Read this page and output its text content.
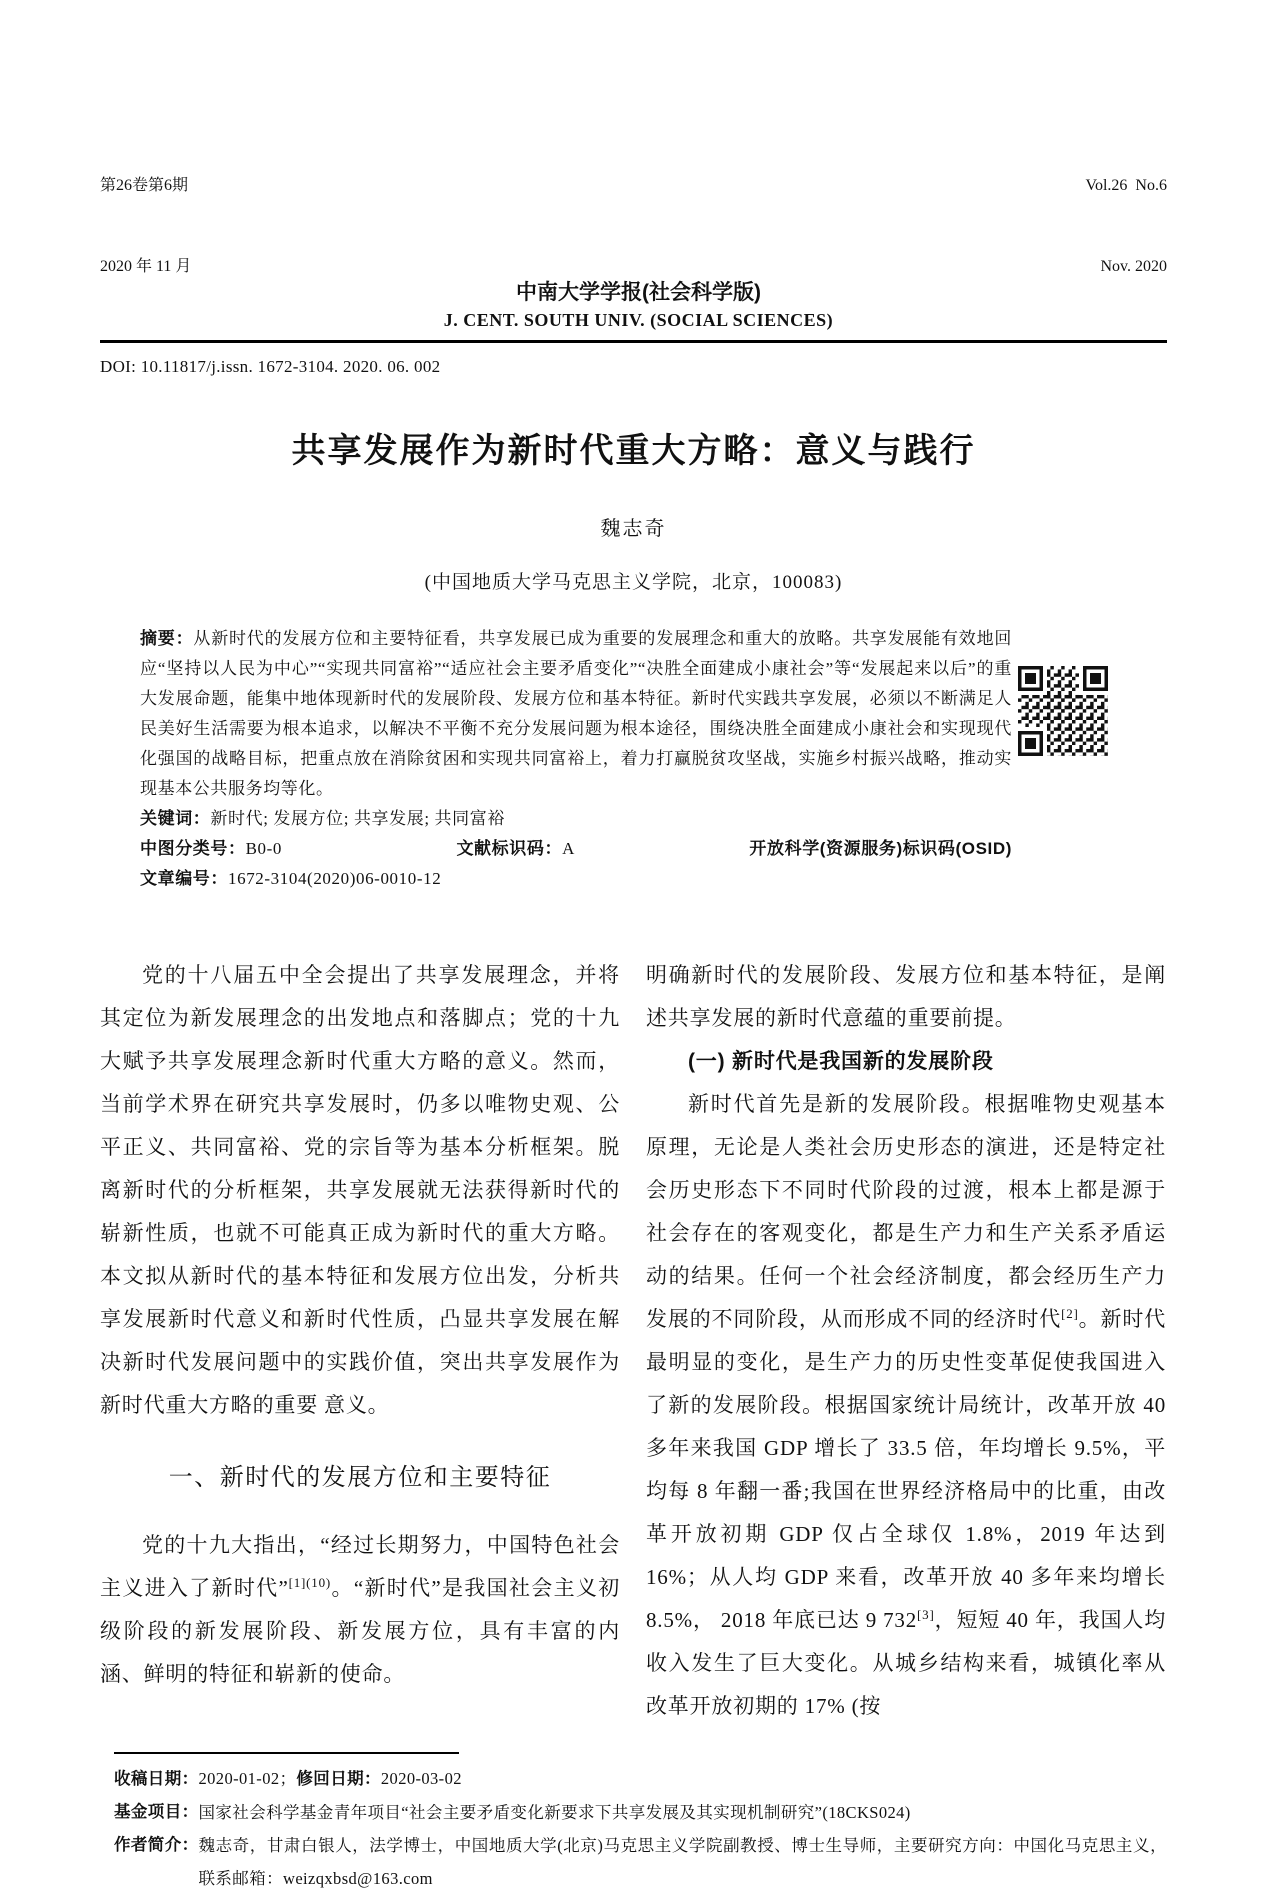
第26卷第6期

2020 年 11 月

中南大学学报(社会科学版)
J. CENT. SOUTH UNIV. (SOCIAL SCIENCES)

Vol.26  No.6

Nov. 2020

DOI: 10.11817/j.issn. 1672-3104. 2020. 06. 002
共享发展作为新时代重大方略：意义与践行
魏志奇
(中国地质大学马克思主义学院，北京，100083)

摘要：从新时代的发展方位和主要特征看，共享发展已成为重要的发展理念和重大的放略。共享发展能有效地回应“坚持以人民为中心”“实现共同富裕”“适应社会主要矛盾变化”“决胜全面建成小康社会”等“发展起来以后”的重大发展命题，能集中地体现新时代的发展阶段、发展方位和基本特征。新时代实践共享发展，必须以不断满足人民美好生活需要为根本追求，以解决不平衡不充分发展问题为根本途径，围绕决胜全面建成小康社会和实现现代化强国的战略目标，把重点放在消除贫困和实现共同富裕上，着力打赢脱贫攻坚战，实施乡村振兴战略，推动实现基本公共服务均等化。

关键词：新时代; 发展方位; 共享发展; 共同富裕

中图分类号：B0-0	文献标识码：A	开放科学(资源服务)标识码(OSID)

文章编号：1672-3104(2020)06-0010-12

党的十八届五中全会提出了共享发展理念，并将其定位为新发展理念的出发地点和落脚点；党的十九大赋予共享发展理念新时代重大方略的意义。然而，当前学术界在研究共享发展时，仍多以唯物史观、公平正义、共同富裕、党的宗旨等为基本分析框架。脱离新时代的分析框架，共享发展就无法获得新时代的崭新性质，也就不可能真正成为新时代的重大方略。本文拟从新时代的基本特征和发展方位出发，分析共享发展新时代意义和新时代性质，凸显共享发展在解决新时代发展问题中的实践价值，突出共享发展作为新时代重大方略的重要 意义。

一、新时代的发展方位和主要特征

党的十九大指出，“经过长期努力，中国特色社会主义进入了新时代”$^{[1](10)}$。“新时代”是我国社会主义初级阶段的新发展阶段、新发展方位，具有丰富的内涵、鲜明的特征和崭新的使命。

明确新时代的发展阶段、发展方位和基本特征，是阐述共享发展的新时代意蕴的重要前提。

(一) 新时代是我国新的发展阶段

新时代首先是新的发展阶段。根据唯物史观基本原理，无论是人类社会历史形态的演进，还是特定社会历史形态下不同时代阶段的过渡，根本上都是源于社会存在的客观变化，都是生产力和生产关系矛盾运动的结果。任何一个社会经济制度，都会经历生产力发展的不同阶段，从而形成不同的经济时代[2]。新时代最明显的变化，是生产力的历史性变革促使我国进入了新的发展阶段。根据国家统计局统计，改革开放 40 多年来我国 GDP 增长了 33.5 倍，年均增长 9.5%，平均每 8 年翻一番;我国在世界经济格局中的比重，由改革开放初期 GDP 仅占全球仅 1.8%，2019 年达到 16%；从人均 GDP 来看，改革开放 40 多年来均增长 8.5%， 2018 年底已达 9 732[3]，短短 40 年，我国人均收入发生了巨大变化。从城乡结构来看，城镇化率从改革开放初期的 17% (按

收稿日期：2020-01-02；修回日期：2020-03-02
基金项目： 国家社会科学基金青年项目“社会主要矛盾变化新要求下共享发展及其实现机制研究”(18CKS024)
作者简介： 魏志奇，甘肃白银人，法学博士，中国地质大学(北京)马克思主义学院副教授、博士生导师，主要研究方向：中国化马克思主义，联系邮箱：weizqxbsd@163.com
